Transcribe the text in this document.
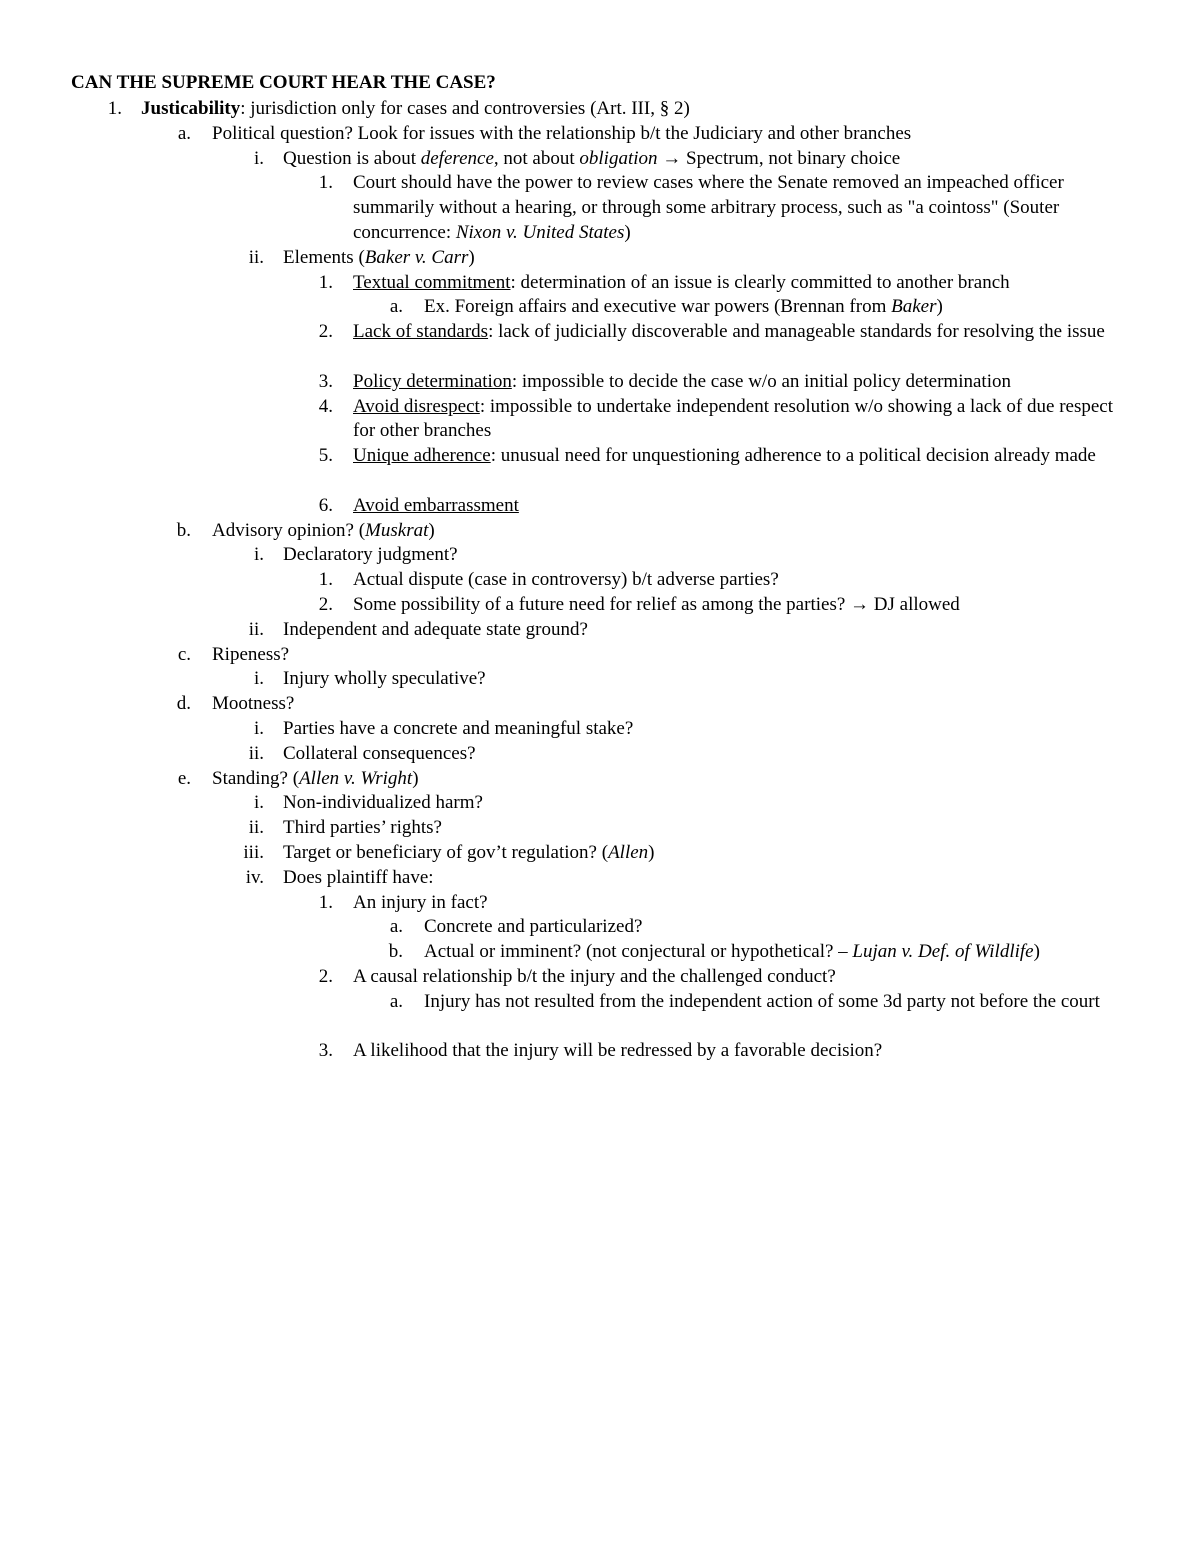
CAN THE SUPREME COURT HEAR THE CASE?
1. Justicability: jurisdiction only for cases and controversies (Art. III, § 2)
a. Political question? Look for issues with the relationship b/t the Judiciary and other branches
i. Question is about deference, not about obligation → Spectrum, not binary choice
1. Court should have the power to review cases where the Senate removed an impeached officer summarily without a hearing, or through some arbitrary process, such as "a cointoss" (Souter concurrence: Nixon v. United States)
ii. Elements (Baker v. Carr)
1. Textual commitment: determination of an issue is clearly committed to another branch
a. Ex. Foreign affairs and executive war powers (Brennan from Baker)
2. Lack of standards: lack of judicially discoverable and manageable standards for resolving the issue
3. Policy determination: impossible to decide the case w/o an initial policy determination
4. Avoid disrespect: impossible to undertake independent resolution w/o showing a lack of due respect for other branches
5. Unique adherence: unusual need for unquestioning adherence to a political decision already made
6. Avoid embarrassment
b. Advisory opinion? (Muskrat)
i. Declaratory judgment?
1. Actual dispute (case in controversy) b/t adverse parties?
2. Some possibility of a future need for relief as among the parties? → DJ allowed
ii. Independent and adequate state ground?
c. Ripeness?
i. Injury wholly speculative?
d. Mootness?
i. Parties have a concrete and meaningful stake?
ii. Collateral consequences?
e. Standing? (Allen v. Wright)
i. Non-individualized harm?
ii. Third parties’ rights?
iii. Target or beneficiary of gov’t regulation? (Allen)
iv. Does plaintiff have:
1. An injury in fact?
a. Concrete and particularized?
b. Actual or imminent? (not conjectural or hypothetical? – Lujan v. Def. of Wildlife)
2. A causal relationship b/t the injury and the challenged conduct?
a. Injury has not resulted from the independent action of some 3d party not before the court
3. A likelihood that the injury will be redressed by a favorable decision?
